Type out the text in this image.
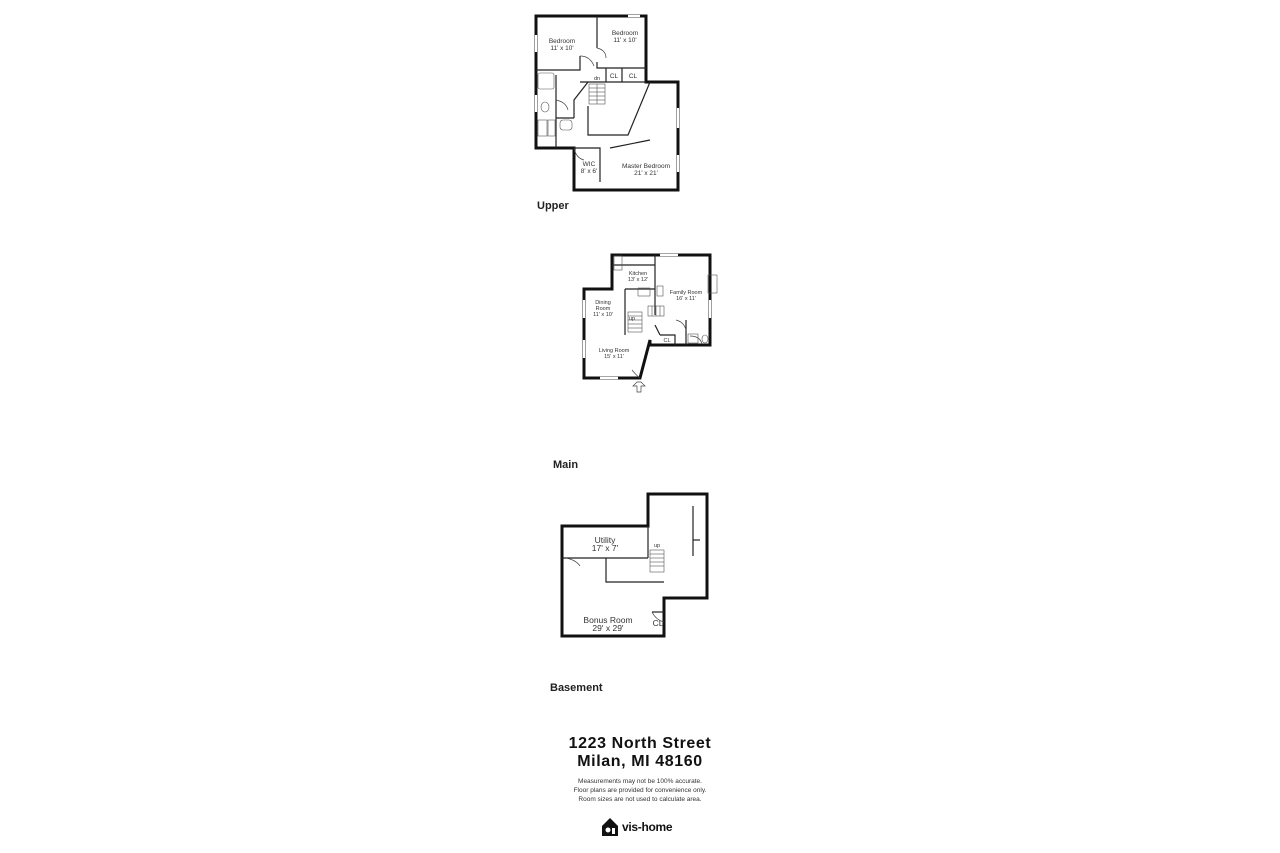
dn
Bedroom
11' x 10'
Bedroom
11' x 10'
CL CL
WIC
8' x 6'
Master Bedroom
21' x 21'
Upper
up
Kitchen
13' x 12'
Family Room
16' x 11'
Dining
Room
11' x 10'
CL
Living Room
15' x 11'
Main
up
Utility
17' x 7'
Bonus Room
29' x 29'	CL
Basement
1223 North Street
Milan, MI 48160
Measurements may not be 100% accurate.
Floor plans are provided for convenience only.
Room sizes are not used to calculate area.
vis-home
